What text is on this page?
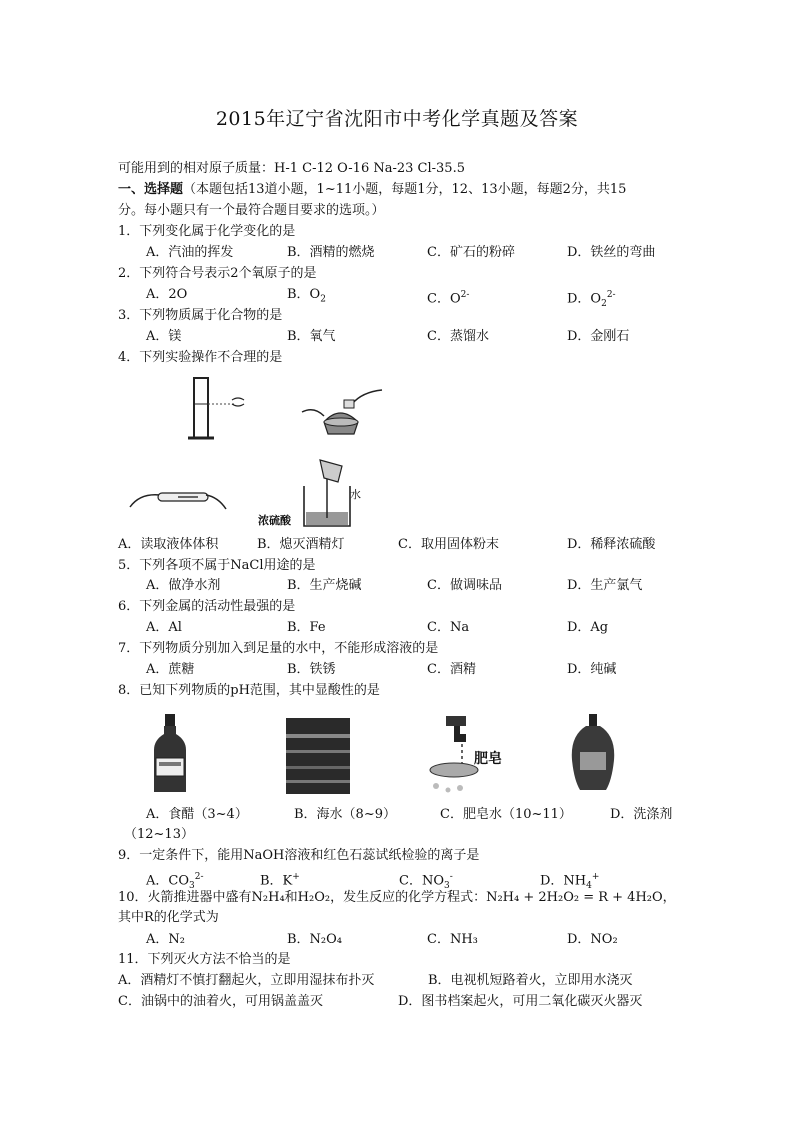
2015年辽宁省沈阳市中考化学真题及答案
可能用到的相对原子质量：H-1 C-12 O-16 Na-23 Cl-35.5
一、选择题（本题包括13道小题，1~11小题，每题1分，12、13小题，每题2分，共15
分。每小题只有一个最符合题目要求的选项。）
1．下列变化属于化学变化的是
A．汽油的挥发	B．酒精的燃烧	C．矿石的粉碎	D．铁丝的弯曲
2．下列符合号表示2个氧原子的是
A．2O	B．$O_2$	C．$O^{2-}$	D．$O_2^{2-}$
3．下列物质属于化合物的是
A．镁	B．氧气	C．蒸馏水	D．金刚石
4．下列实验操作不合理的是
水
浓硫酸
A．读取液体体积	B．熄灭酒精灯	C．取用固体粉末	D．稀释浓硫酸
5．下列各项不属于NaCl用途的是
A．做净水剂	B．生产烧碱	C．做调味品	D．生产氯气
6．下列金属的活动性最强的是
A．Al	B．Fe	C．Na	D．Ag
7．下列物质分别加入到足量的水中，不能形成溶液的是
A．蔗糖	B．铁锈	C．酒精	D．纯碱
8．已知下列物质的pH范围，其中显酸性的是
肥皂
A．食醋（3~4）	B．海水（8~9）	C．肥皂水（10~11）	D．洗涤剂
（12~13）
9．一定条件下，能用NaOH溶液和红色石蕊试纸检验的离子是
A．$CO_3^{2-}$	B．K+	C．$NO_3^-$	D．$NH_4^+$
10．火箭推进器中盛有N₂H₄和H₂O₂，发生反应的化学方程式：N₂H₄ + 2H₂O₂ = R + 4H₂O，
其中R的化学式为
A．N₂	B．N₂O₄	C．NH₃	D．NO₂
11．下列灭火方法不恰当的是
A．酒精灯不慎打翻起火，立即用湿抹布扑灭	B．电视机短路着火，立即用水浇灭
C．油锅中的油着火，可用锅盖盖灭	D．图书档案起火，可用二氧化碳灭火器灭
